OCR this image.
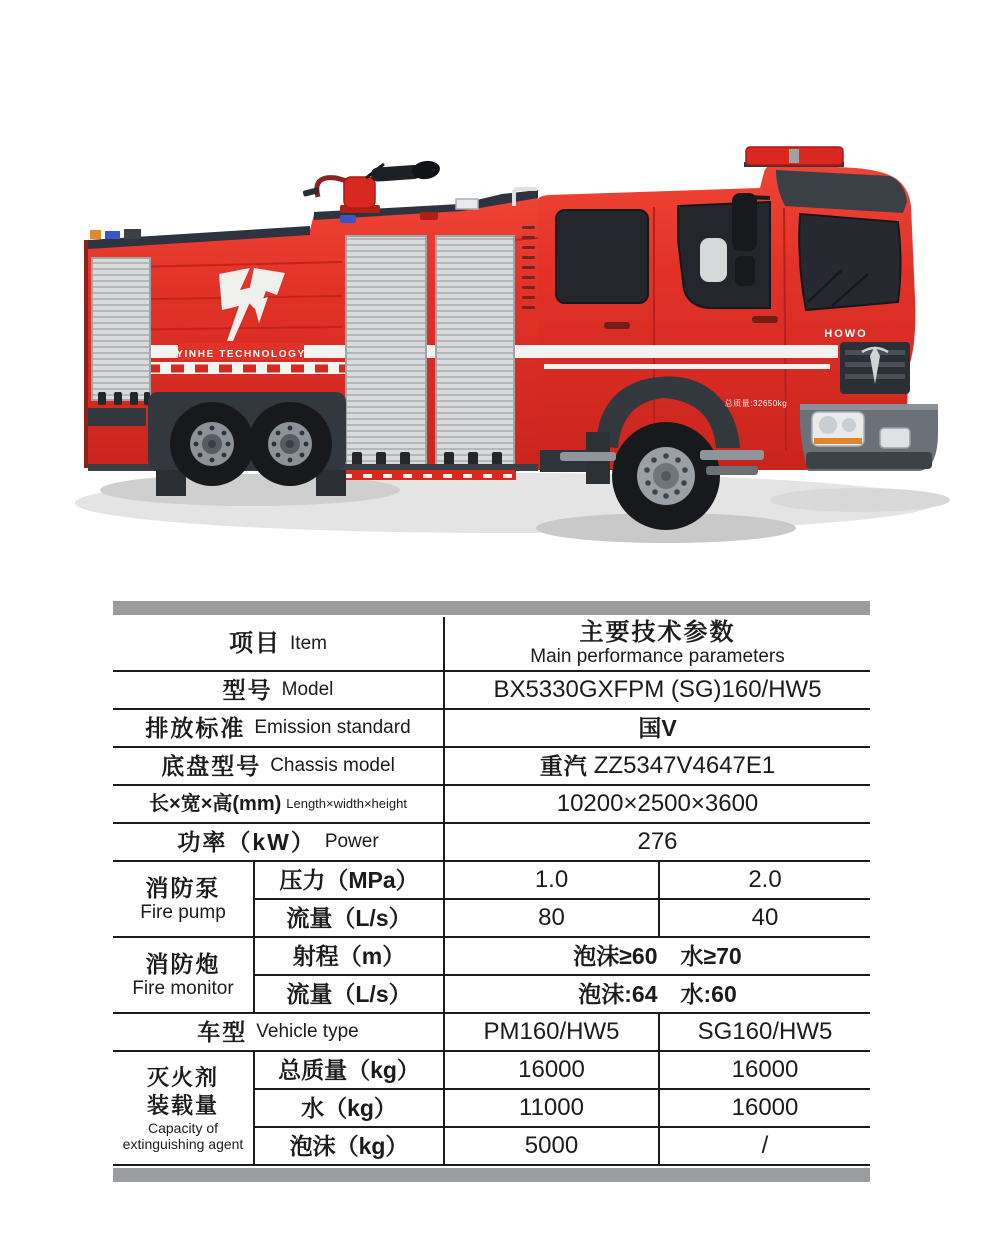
YINHE TECHNOLOGY
HOWO
总质量:32650kg
项目 Item	主要技术参数
Main performance parameters
型号 Model	BX5330GXFPM (SG)160/HW5
排放标准 Emission standard	国V
底盘型号 Chassis model	重汽 ZZ5347V4647E1
长×宽×高(mm) Length×width×height	10200×2500×3600
功率（kW） Power	276
消防泵
Fire pump
压力（MPa）	1.0	2.0
流量（L/s）	80	40
消防炮
Fire monitor
射程（m）	泡沫≥60　水≥70
流量（L/s）	泡沫:64　水:60
车型 Vehicle type	PM160/HW5	SG160/HW5
灭火剂
装载量
Capacity of
extinguishing agent
总质量（kg）	16000	16000
水（kg）	11000	16000
泡沫（kg）	5000	/
